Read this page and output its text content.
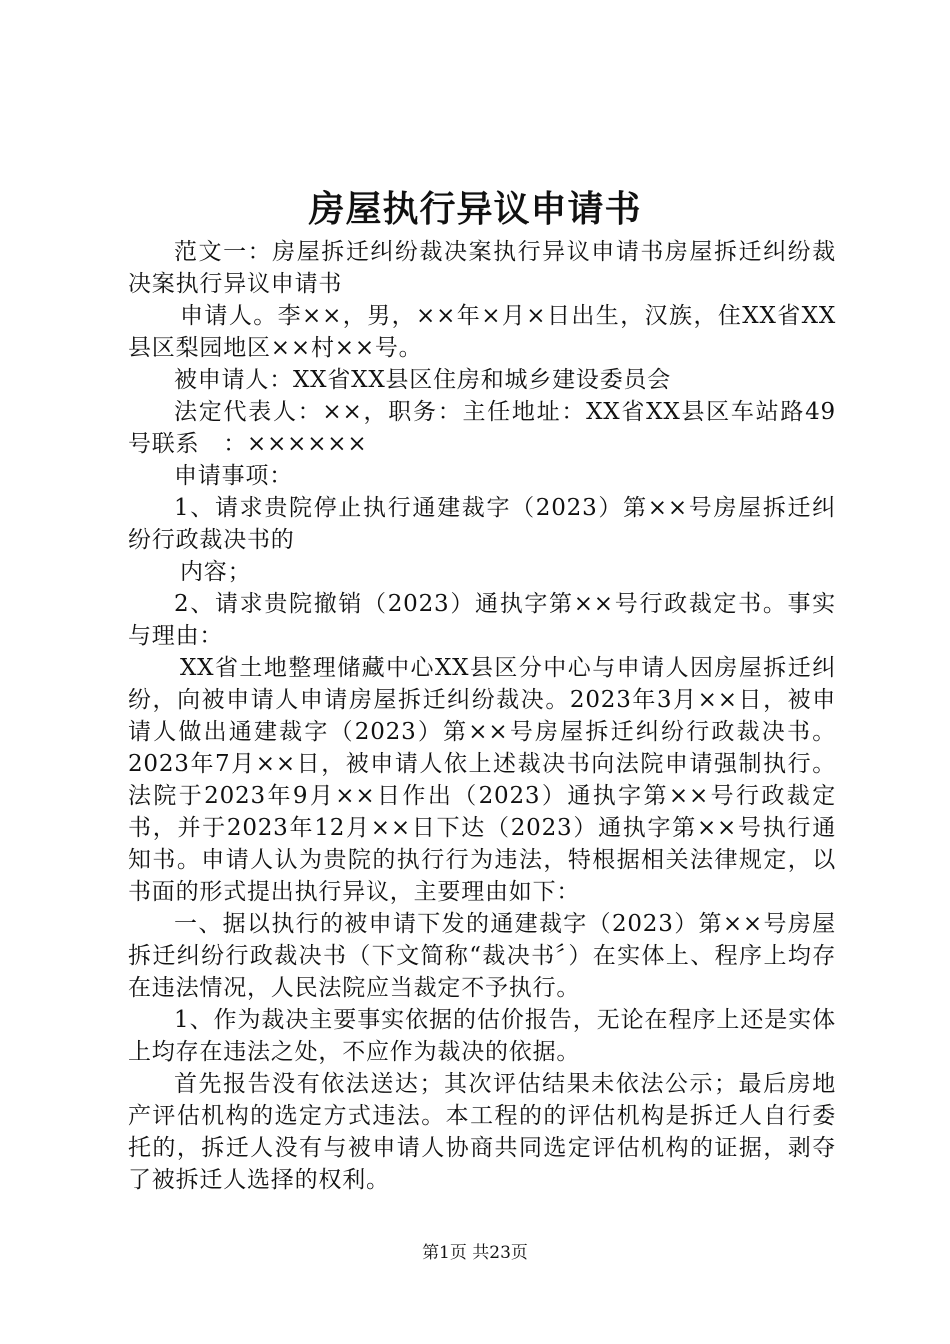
房屋执行异议申请书

范文一：房屋拆迁纠纷裁决案执行异议申请书房屋拆迁纠纷裁决案执行异议申请书

申请人。李××，男，××年×月×日出生，汉族，住XX省XX县区梨园地区××村××号。

被申请人：XX省XX县区住房和城乡建设委员会

法定代表人：××，职务：主任地址：XX省XX县区车站路49号联系　：××××××

申请事项：

1、请求贵院停止执行通建裁字（2023）第××号房屋拆迁纠纷行政裁决书的

内容；

2、请求贵院撤销（2023）通执字第××号行政裁定书。事实与理由：

XX省土地整理储藏中心XX县区分中心与申请人因房屋拆迁纠纷，向被申请人申请房屋拆迁纠纷裁决。2023年3月××日，被申请人做出通建裁字（2023）第××号房屋拆迁纠纷行政裁决书。2023年7月××日，被申请人依上述裁决书向法院申请强制执行。法院于2023年9月××日作出（2023）通执字第××号行政裁定书，并于2023年12月××日下达（2023）通执字第××号执行通知书。申请人认为贵院的执行行为违法，特根据相关法律规定，以书面的形式提出执行异议，主要理由如下：

一、据以执行的被申请下发的通建裁字（2023）第××号房屋拆迁纠纷行政裁决书（下文简称“裁决书〞）在实体上、程序上均存在违法情况，人民法院应当裁定不予执行。

1、作为裁决主要事实依据的估价报告，无论在程序上还是实体上均存在违法之处，不应作为裁决的依据。

首先报告没有依法送达；其次评估结果未依法公示；最后房地产评估机构的选定方式违法。本工程的的评估机构是拆迁人自行委托的，拆迁人没有与被申请人协商共同选定评估机构的证据，剥夺了被拆迁人选择的权利。

第1页 共23页
